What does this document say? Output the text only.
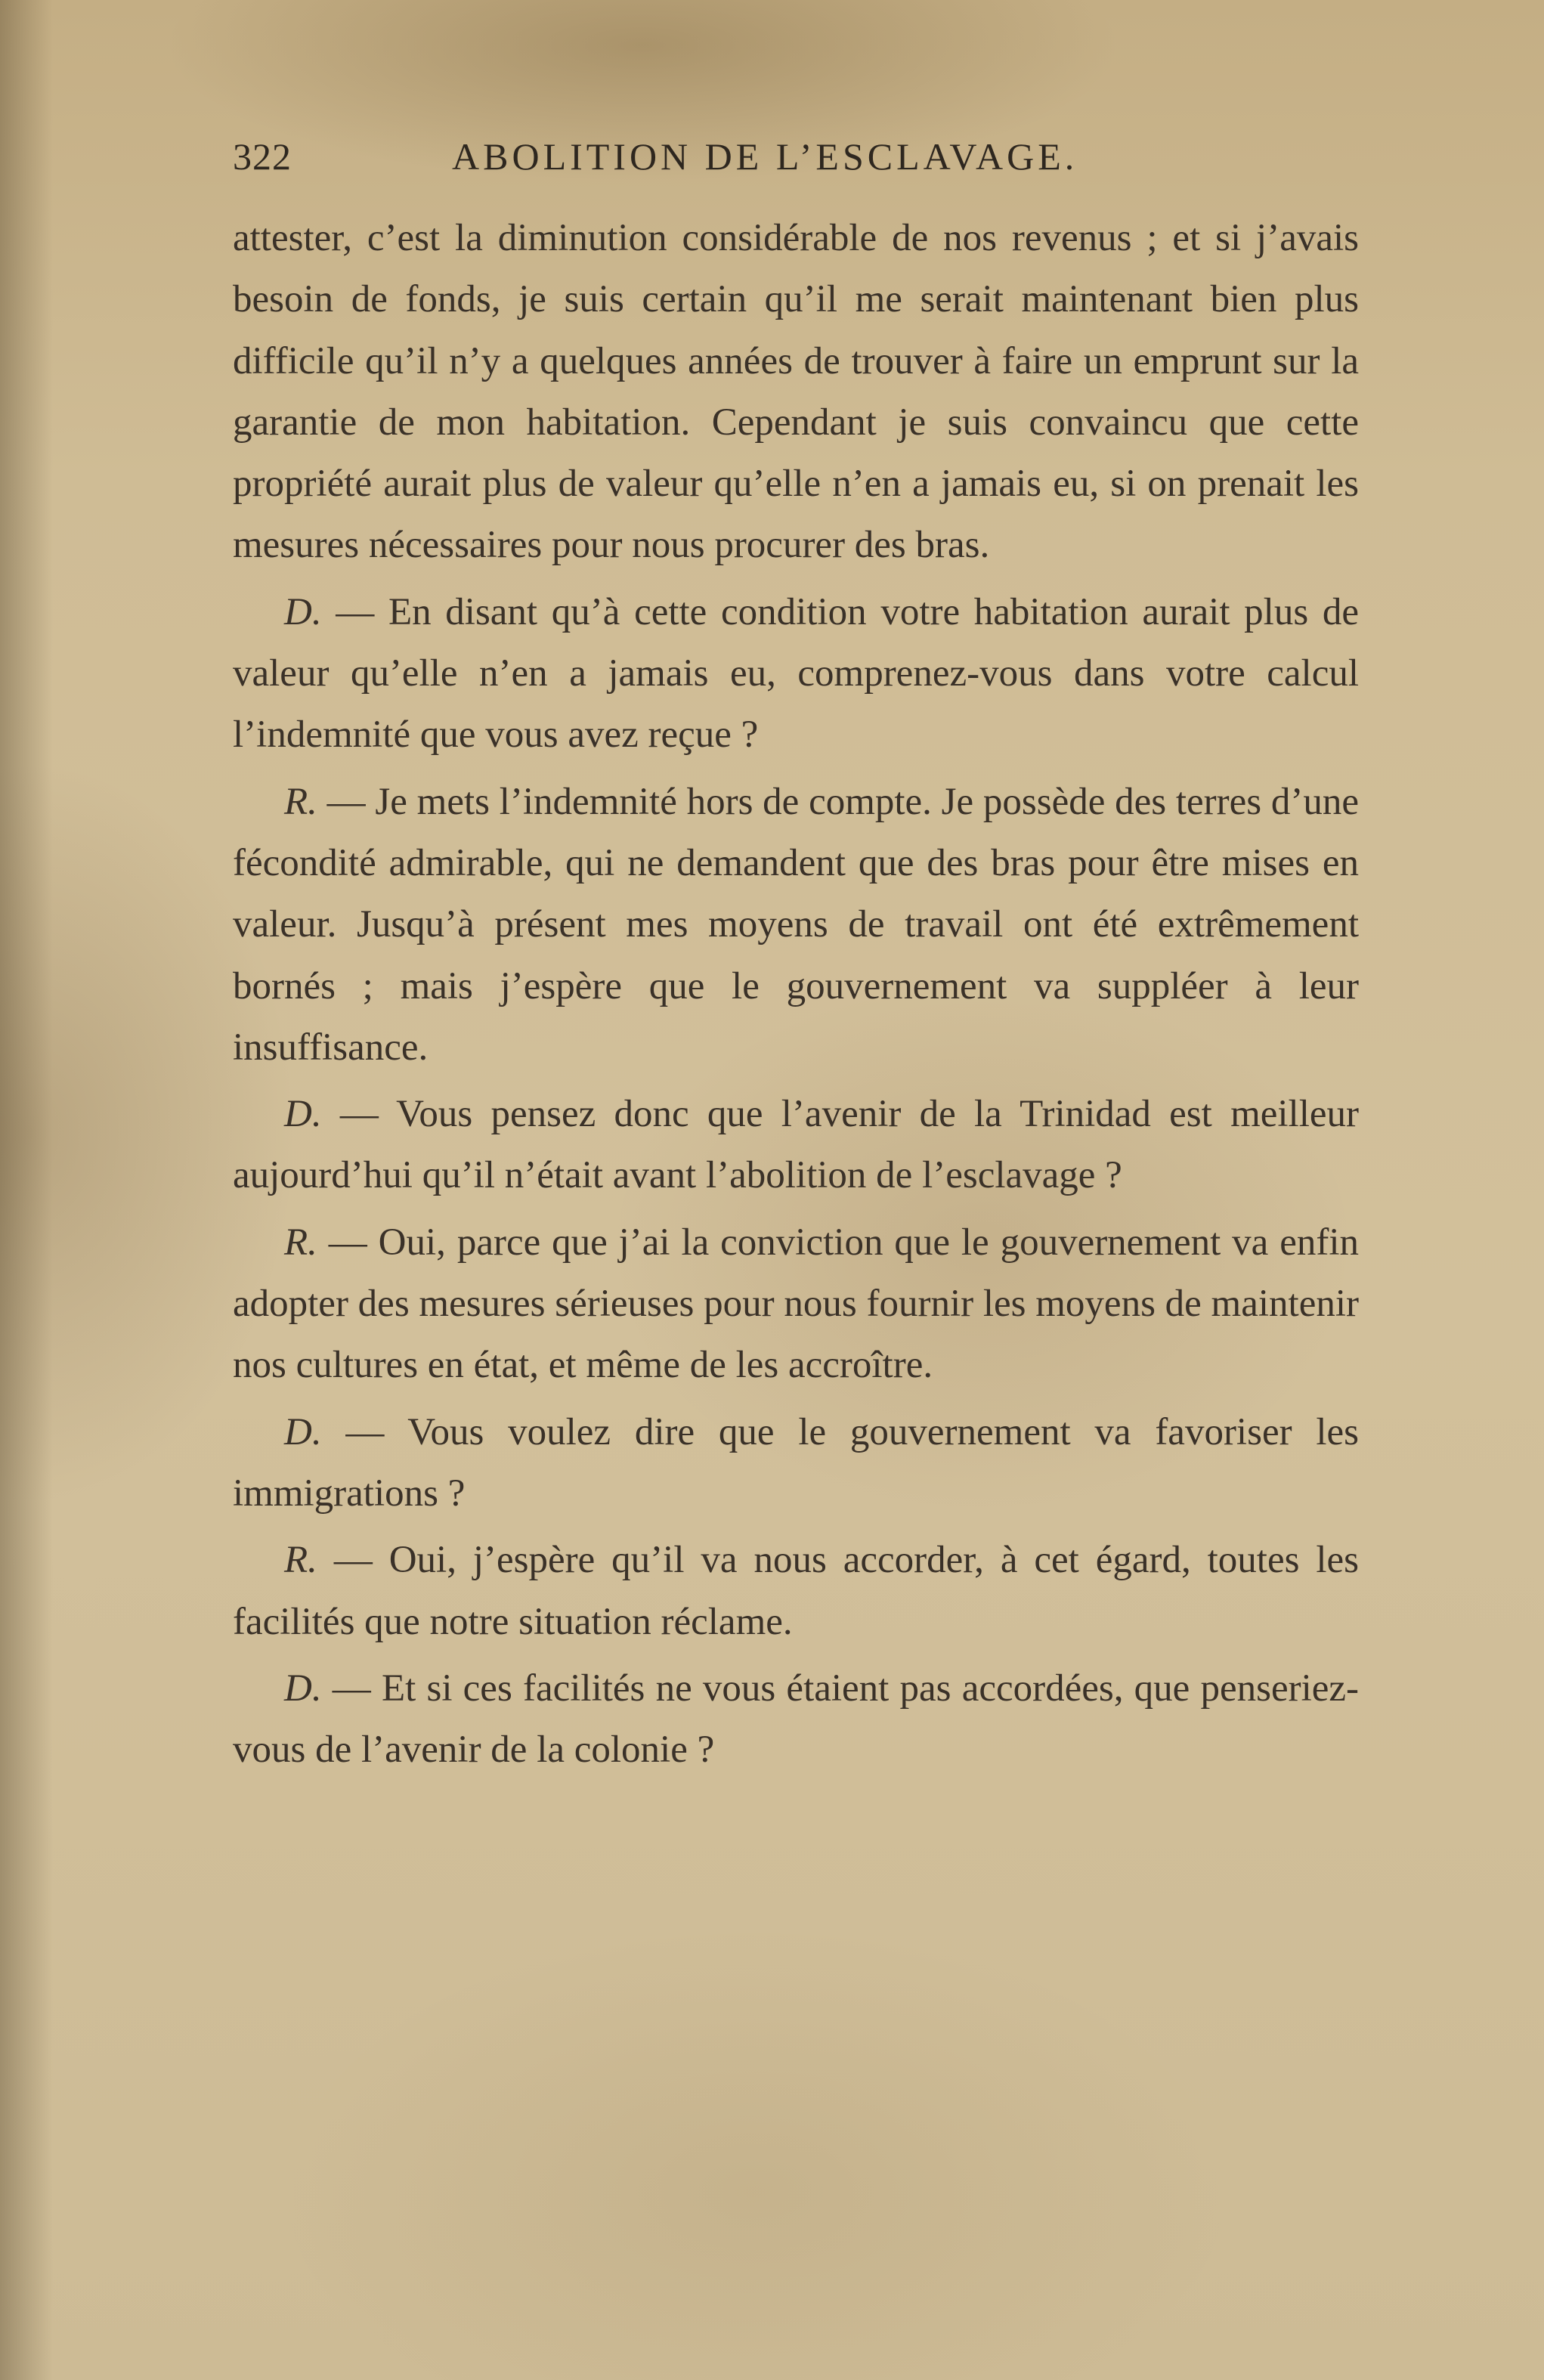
322	ABOLITION DE L’ESCLAVAGE.

attester, c’est la diminution considérable de nos revenus ; et si j’avais besoin de fonds, je suis certain qu’il me serait maintenant bien plus difficile qu’il n’y a quelques années de trouver à faire un emprunt sur la garantie de mon habitation. Cependant je suis convaincu que cette propriété aurait plus de valeur qu’elle n’en a jamais eu, si on prenait les mesures nécessaires pour nous procurer des bras.

D. — En disant qu’à cette condition votre habitation aurait plus de valeur qu’elle n’en a jamais eu, comprenez-vous dans votre calcul l’indemnité que vous avez reçue ?

R. — Je mets l’indemnité hors de compte. Je possède des terres d’une fécondité admirable, qui ne demandent que des bras pour être mises en valeur. Jusqu’à présent mes moyens de travail ont été extrêmement bornés ; mais j’espère que le gouvernement va suppléer à leur insuffisance.

D. — Vous pensez donc que l’avenir de la Trinidad est meilleur aujourd’hui qu’il n’était avant l’abolition de l’esclavage ?

R. — Oui, parce que j’ai la conviction que le gouvernement va enfin adopter des mesures sérieuses pour nous fournir les moyens de maintenir nos cultures en état, et même de les accroître.

D. — Vous voulez dire que le gouvernement va favoriser les immigrations ?

R. — Oui, j’espère qu’il va nous accorder, à cet égard, toutes les facilités que notre situation réclame.

D. — Et si ces facilités ne vous étaient pas accordées, que penseriez-vous de l’avenir de la colonie ?
